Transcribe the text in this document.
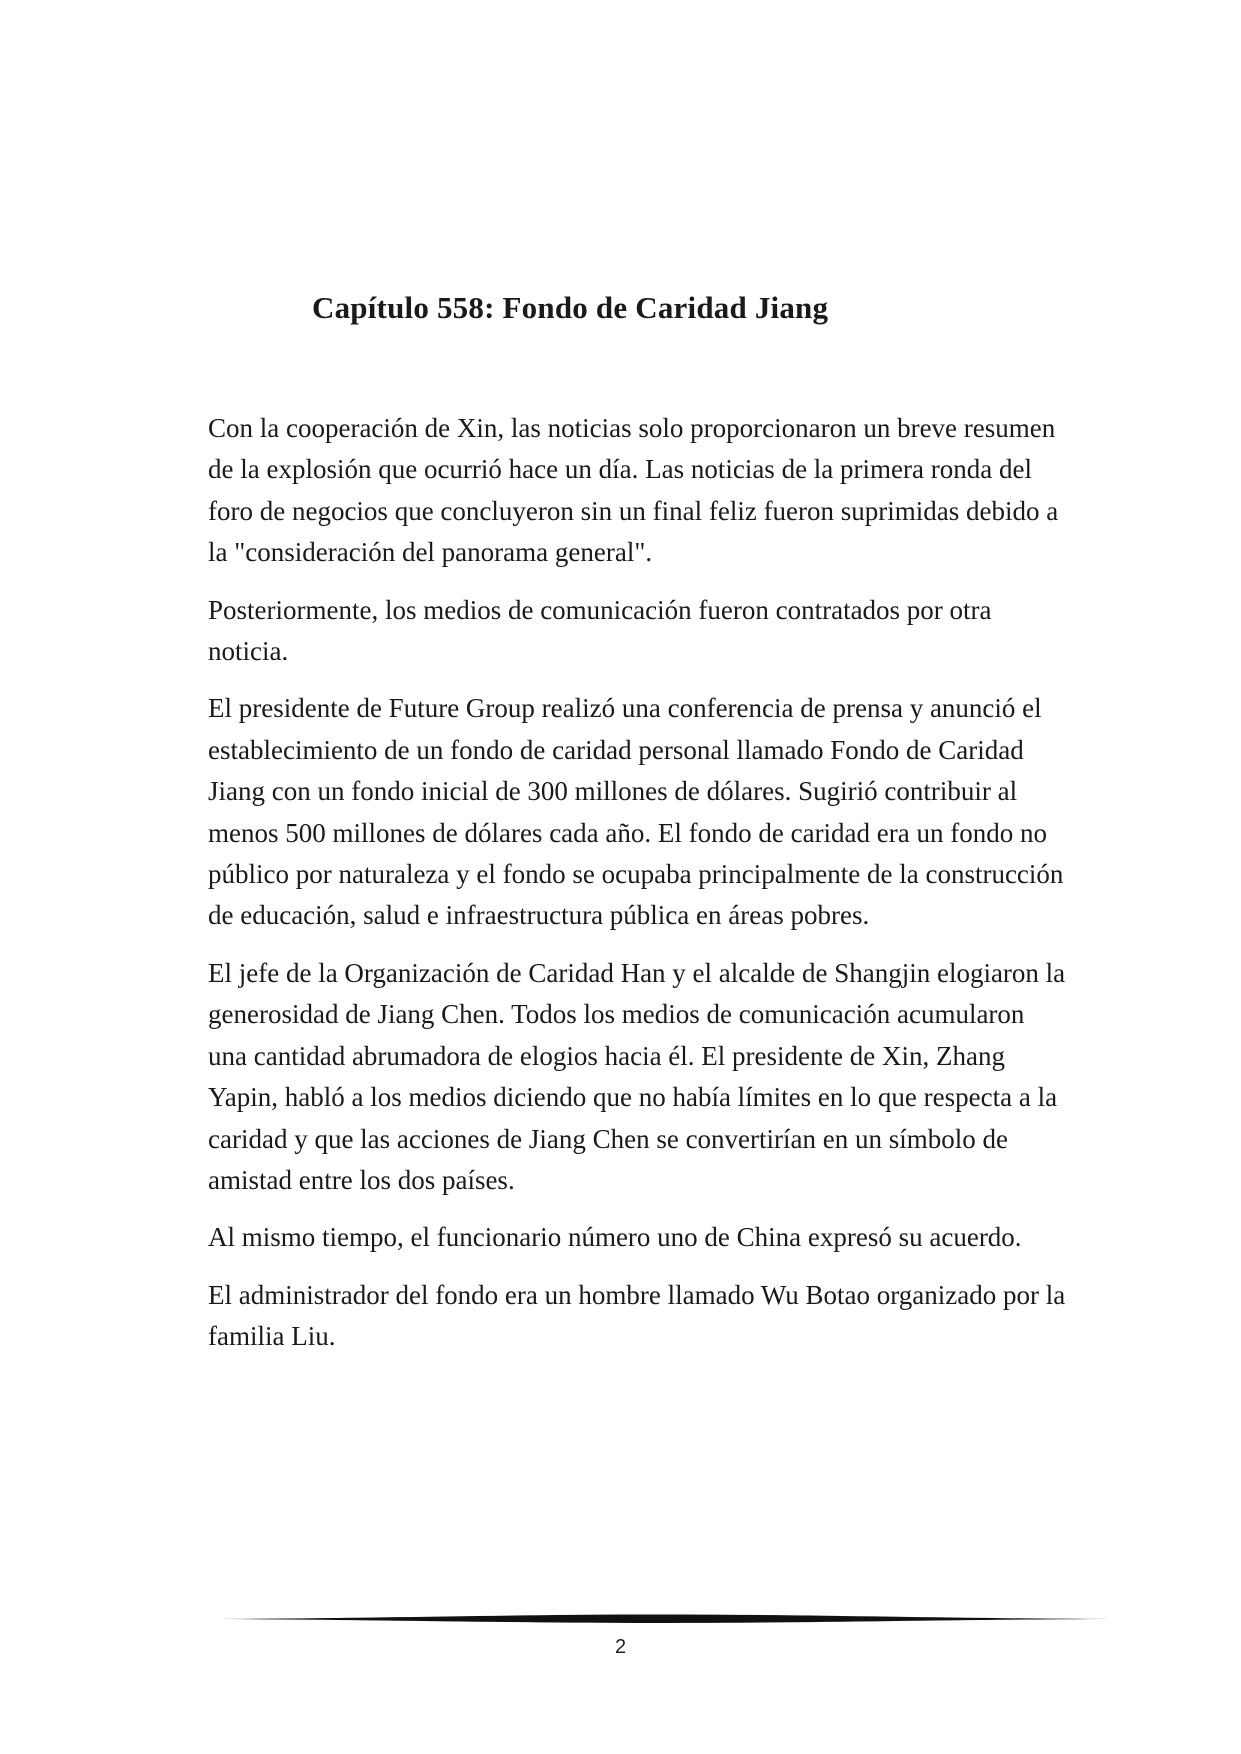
Capítulo 558: Fondo de Caridad Jiang

Con la cooperación de Xin, las noticias solo proporcionaron un breve resumen de la explosión que ocurrió hace un día. Las noticias de la primera ronda del foro de negocios que concluyeron sin un final feliz fueron suprimidas debido a la "consideración del panorama general".

Posteriormente, los medios de comunicación fueron contratados por otra noticia.

El presidente de Future Group realizó una conferencia de prensa y anunció el establecimiento de un fondo de caridad personal llamado Fondo de Caridad Jiang con un fondo inicial de 300 millones de dólares. Sugirió contribuir al menos 500 millones de dólares cada año. El fondo de caridad era un fondo no público por naturaleza y el fondo se ocupaba principalmente de la construcción de educación, salud e infraestructura pública en áreas pobres.

El jefe de la Organización de Caridad Han y el alcalde de Shangjin elogiaron la generosidad de Jiang Chen. Todos los medios de comunicación acumularon una cantidad abrumadora de elogios hacia él. El presidente de Xin, Zhang Yapin, habló a los medios diciendo que no había límites en lo que respecta a la caridad y que las acciones de Jiang Chen se convertirían en un símbolo de amistad entre los dos países.

Al mismo tiempo, el funcionario número uno de China expresó su acuerdo.

El administrador del fondo era un hombre llamado Wu Botao organizado por la familia Liu.

2
